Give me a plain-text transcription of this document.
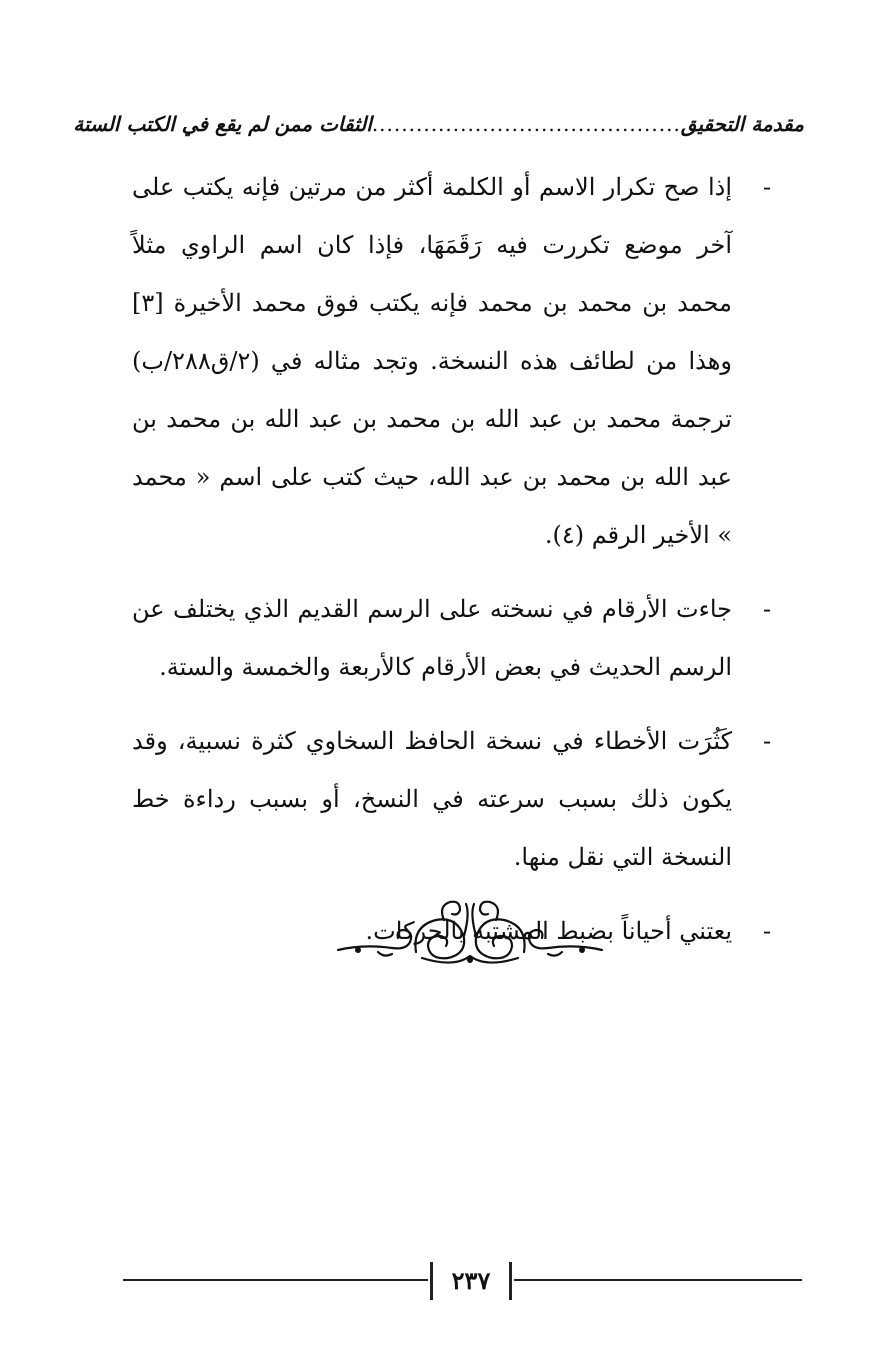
مقدمة التحقيق
..........................................
الثقات ممن لم يقع في الكتب الستة
-
إذا صح تكرار الاسم أو الكلمة أكثر من مرتين فإنه يكتب على آخر موضع تكررت فيه رَقَمَهَا، فإذا كان اسم الراوي مثلاً محمد بن محمد بن محمد فإنه يكتب فوق محمد الأخيرة [٣] وهذا من لطائف هذه النسخة. وتجد مثاله في (٢/ق٢٨٨/ب) ترجمة محمد بن عبد الله بن محمد بن عبد الله بن محمد بن عبد الله بن محمد بن عبد الله، حيث كتب على اسم « محمد » الأخير الرقم (٤).
-
جاءت الأرقام في نسخته على الرسم القديم الذي يختلف عن الرسم الحديث في بعض الأرقام كالأربعة والخمسة والستة.
-
كَثُرَت الأخطاء في نسخة الحافظ السخاوي كثرة نسبية، وقد يكون ذلك بسبب سرعته في النسخ، أو بسبب رداءة خط النسخة التي نقل منها.
-
يعتني أحياناً بضبط المشتبه بالحركات.
٢٣٧
